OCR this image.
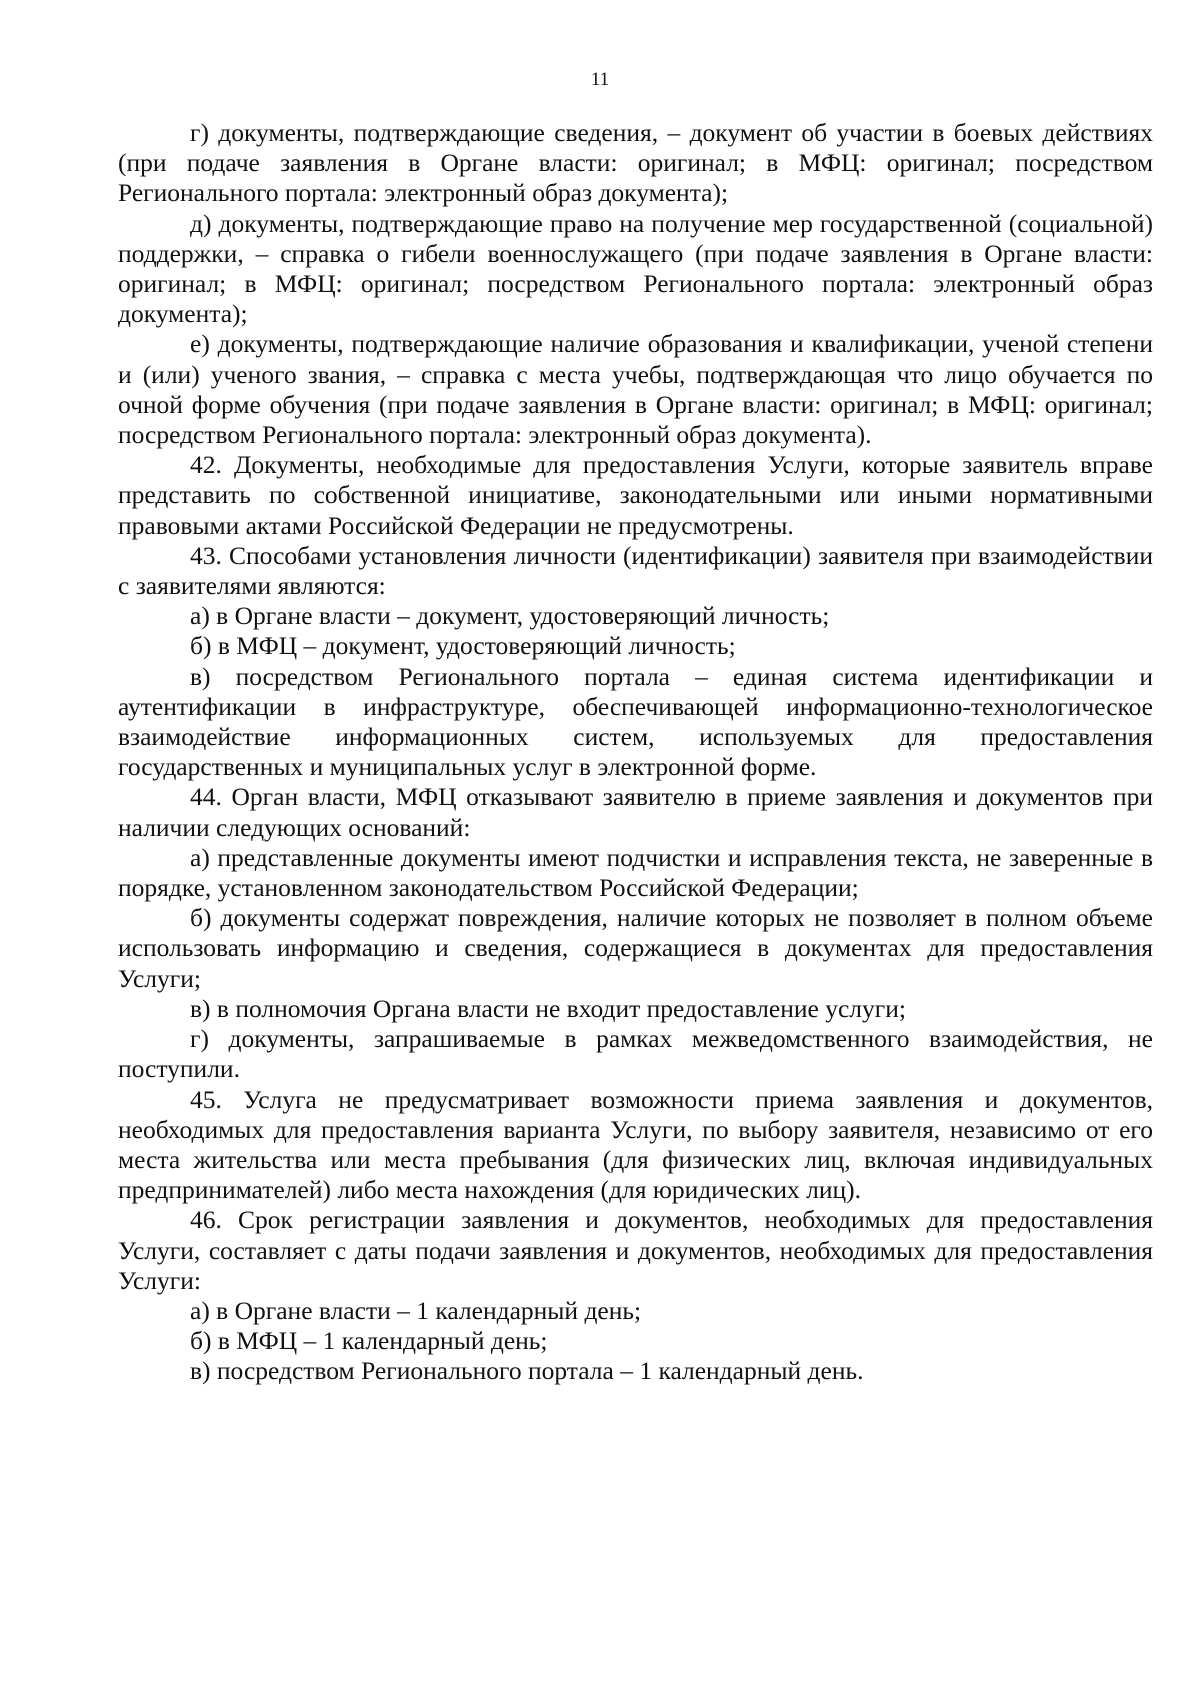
11

г) документы, подтверждающие сведения, – документ об участии в боевых действиях (при подаче заявления в Органе власти: оригинал; в МФЦ: оригинал; посредством Регионального портала: электронный образ документа);

д) документы, подтверждающие право на получение мер государственной (социальной) поддержки, – справка о гибели военнослужащего (при подаче заявления в Органе власти: оригинал; в МФЦ: оригинал; посредством Регионального портала: электронный образ документа);

е) документы, подтверждающие наличие образования и квалификации, ученой степени и (или) ученого звания, – справка с места учебы, подтверждающая что лицо обучается по очной форме обучения (при подаче заявления в Органе власти: оригинал; в МФЦ: оригинал; посредством Регионального портала: электронный образ документа).

42. Документы, необходимые для предоставления Услуги, которые заявитель вправе представить по собственной инициативе, законодательными или иными нормативными правовыми актами Российской Федерации не предусмотрены.

43. Способами установления личности (идентификации) заявителя при взаимодействии с заявителями являются:

а) в Органе власти – документ, удостоверяющий личность;

б) в МФЦ – документ, удостоверяющий личность;

в) посредством Регионального портала – единая система идентификации и аутентификации в инфраструктуре, обеспечивающей информационно-технологическое взаимодействие информационных систем, используемых для предоставления государственных и муниципальных услуг в электронной форме.

44. Орган власти, МФЦ отказывают заявителю в приеме заявления и документов при наличии следующих оснований:

а) представленные документы имеют подчистки и исправления текста, не заверенные в порядке, установленном законодательством Российской Федерации;

б) документы содержат повреждения, наличие которых не позволяет в полном объеме использовать информацию и сведения, содержащиеся в документах для предоставления Услуги;

в) в полномочия Органа власти не входит предоставление услуги;

г) документы, запрашиваемые в рамках межведомственного взаимодействия, не поступили.

45. Услуга не предусматривает возможности приема заявления и документов, необходимых для предоставления варианта Услуги, по выбору заявителя, независимо от его места жительства или места пребывания (для физических лиц, включая индивидуальных предпринимателей) либо места нахождения (для юридических лиц).

46. Срок регистрации заявления и документов, необходимых для предоставления Услуги, составляет с даты подачи заявления и документов, необходимых для предоставления Услуги:

а) в Органе власти – 1 календарный день;

б) в МФЦ – 1 календарный день;

в) посредством Регионального портала – 1 календарный день.
